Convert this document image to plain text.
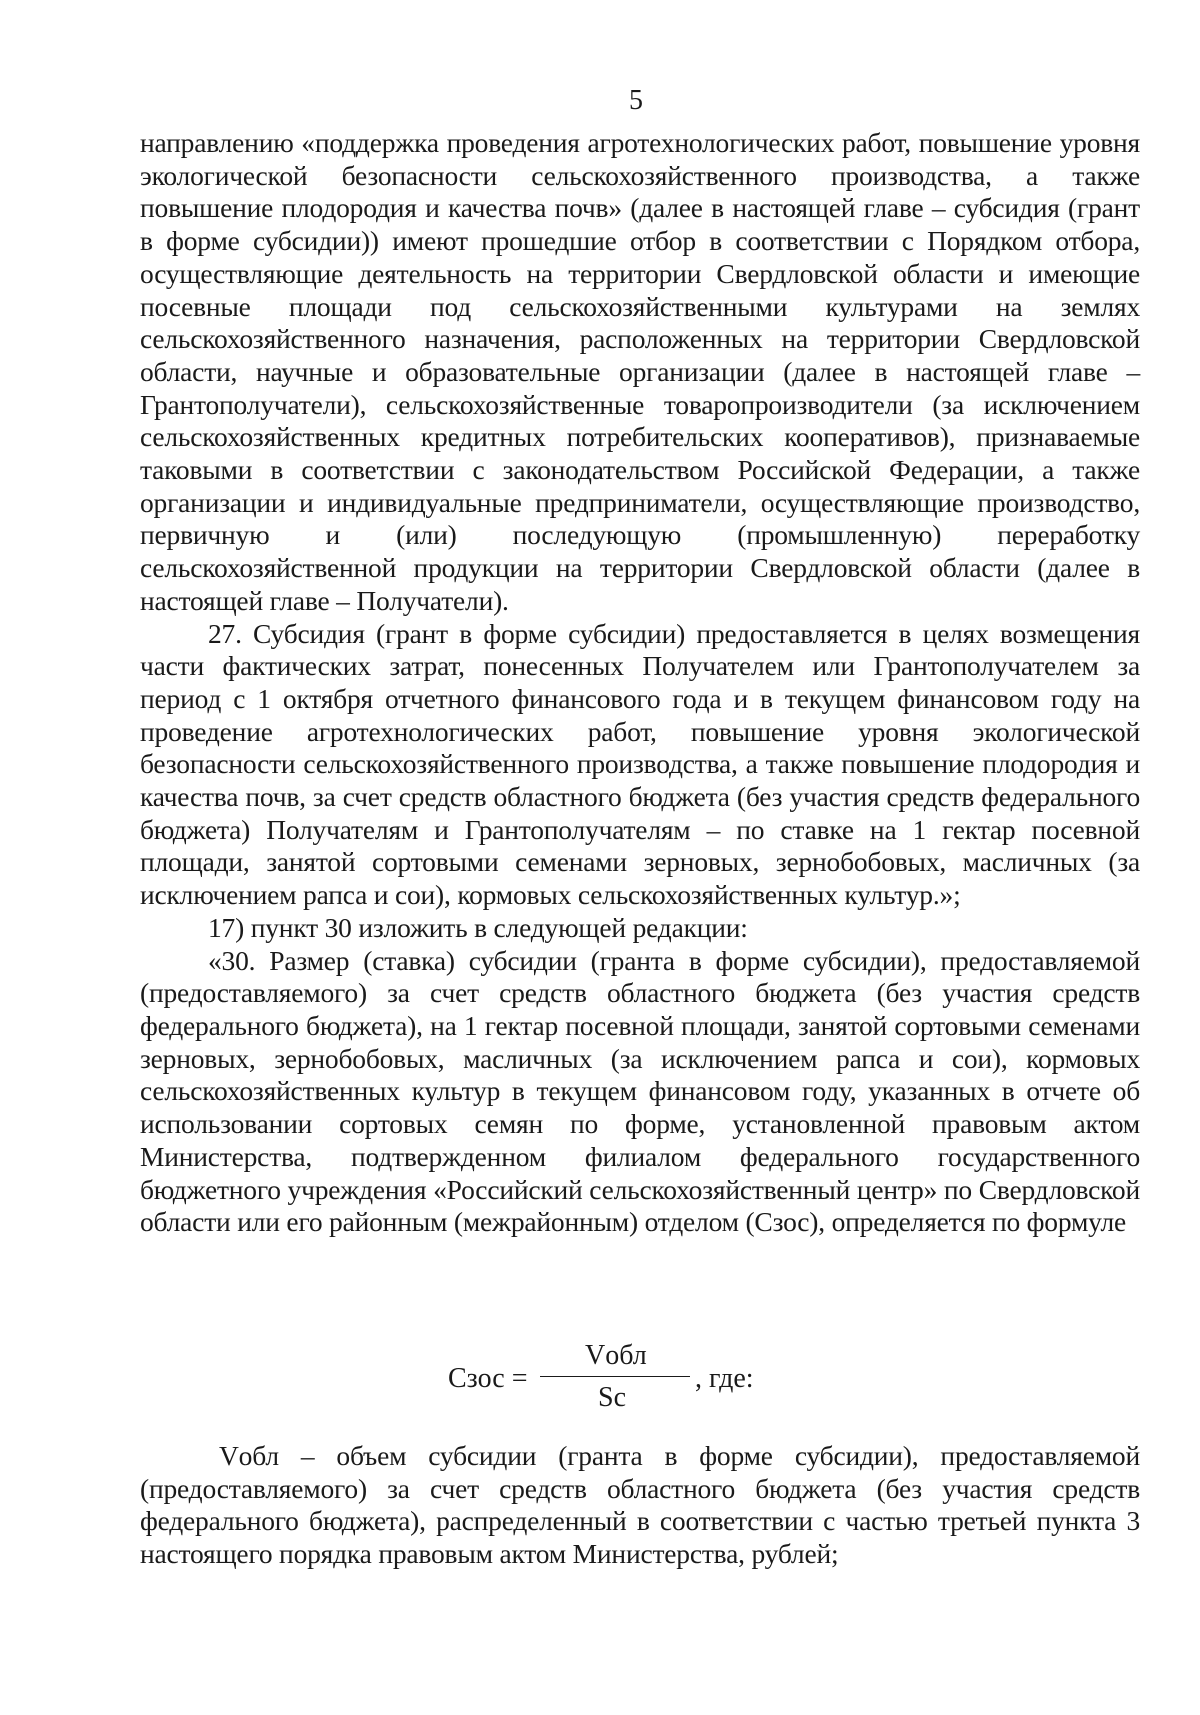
5

направлению «поддержка проведения агротехнологических работ, повышение уровня экологической безопасности сельскохозяйственного производства, а также повышение плодородия и качества почв» (далее в настоящей главе – субсидия (грант в форме субсидии)) имеют прошедшие отбор в соответствии с Порядком отбора, осуществляющие деятельность на территории Свердловской области и имеющие посевные площади под сельскохозяйственными культурами на землях сельскохозяйственного назначения, расположенных на территории Свердловской области, научные и образовательные организации (далее в настоящей главе – Грантополучатели), сельскохозяйственные товаропроизводители (за исключением сельскохозяйственных кредитных потребительских кооперативов), признаваемые таковыми в соответствии с законодательством Российской Федерации, а также организации и индивидуальные предприниматели, осуществляющие производство, первичную и (или) последующую (промышленную) переработку сельскохозяйственной продукции на территории Свердловской области (далее в настоящей главе – Получатели).

27. Субсидия (грант в форме субсидии) предоставляется в целях возмещения части фактических затрат, понесенных Получателем или Грантополучателем за период с 1 октября отчетного финансового года и в текущем финансовом году на проведение агротехнологических работ, повышение уровня экологической безопасности сельскохозяйственного производства, а также повышение плодородия и качества почв, за счет средств областного бюджета (без участия средств федерального бюджета) Получателям и Грантополучателям – по ставке на 1 гектар посевной площади, занятой сортовыми семенами зерновых, зернобобовых, масличных (за исключением рапса и сои), кормовых сельскохозяйственных культур.»;

17) пункт 30 изложить в следующей редакции:

«30. Размер (ставка) субсидии (гранта в форме субсидии), предоставляемой (предоставляемого) за счет средств областного бюджета (без участия средств федерального бюджета), на 1 гектар посевной площади, занятой сортовыми семенами зерновых, зернобобовых, масличных (за исключением рапса и сои), кормовых сельскохозяйственных культур в текущем финансовом году, указанных в отчете об использовании сортовых семян по форме, установленной правовым актом Министерства, подтвержденном филиалом федерального государственного бюджетного учреждения «Российский сельскохозяйственный центр» по Свердловской области или его районным (межрайонным) отделом (Сзос), определяется по формуле

Сзос =
Vобл
Sс
, где:

Vобл – объем субсидии (гранта в форме субсидии), предоставляемой (предоставляемого) за счет средств областного бюджета (без участия средств федерального бюджета), распределенный в соответствии с частью третьей пункта 3 настоящего порядка правовым актом Министерства, рублей;
